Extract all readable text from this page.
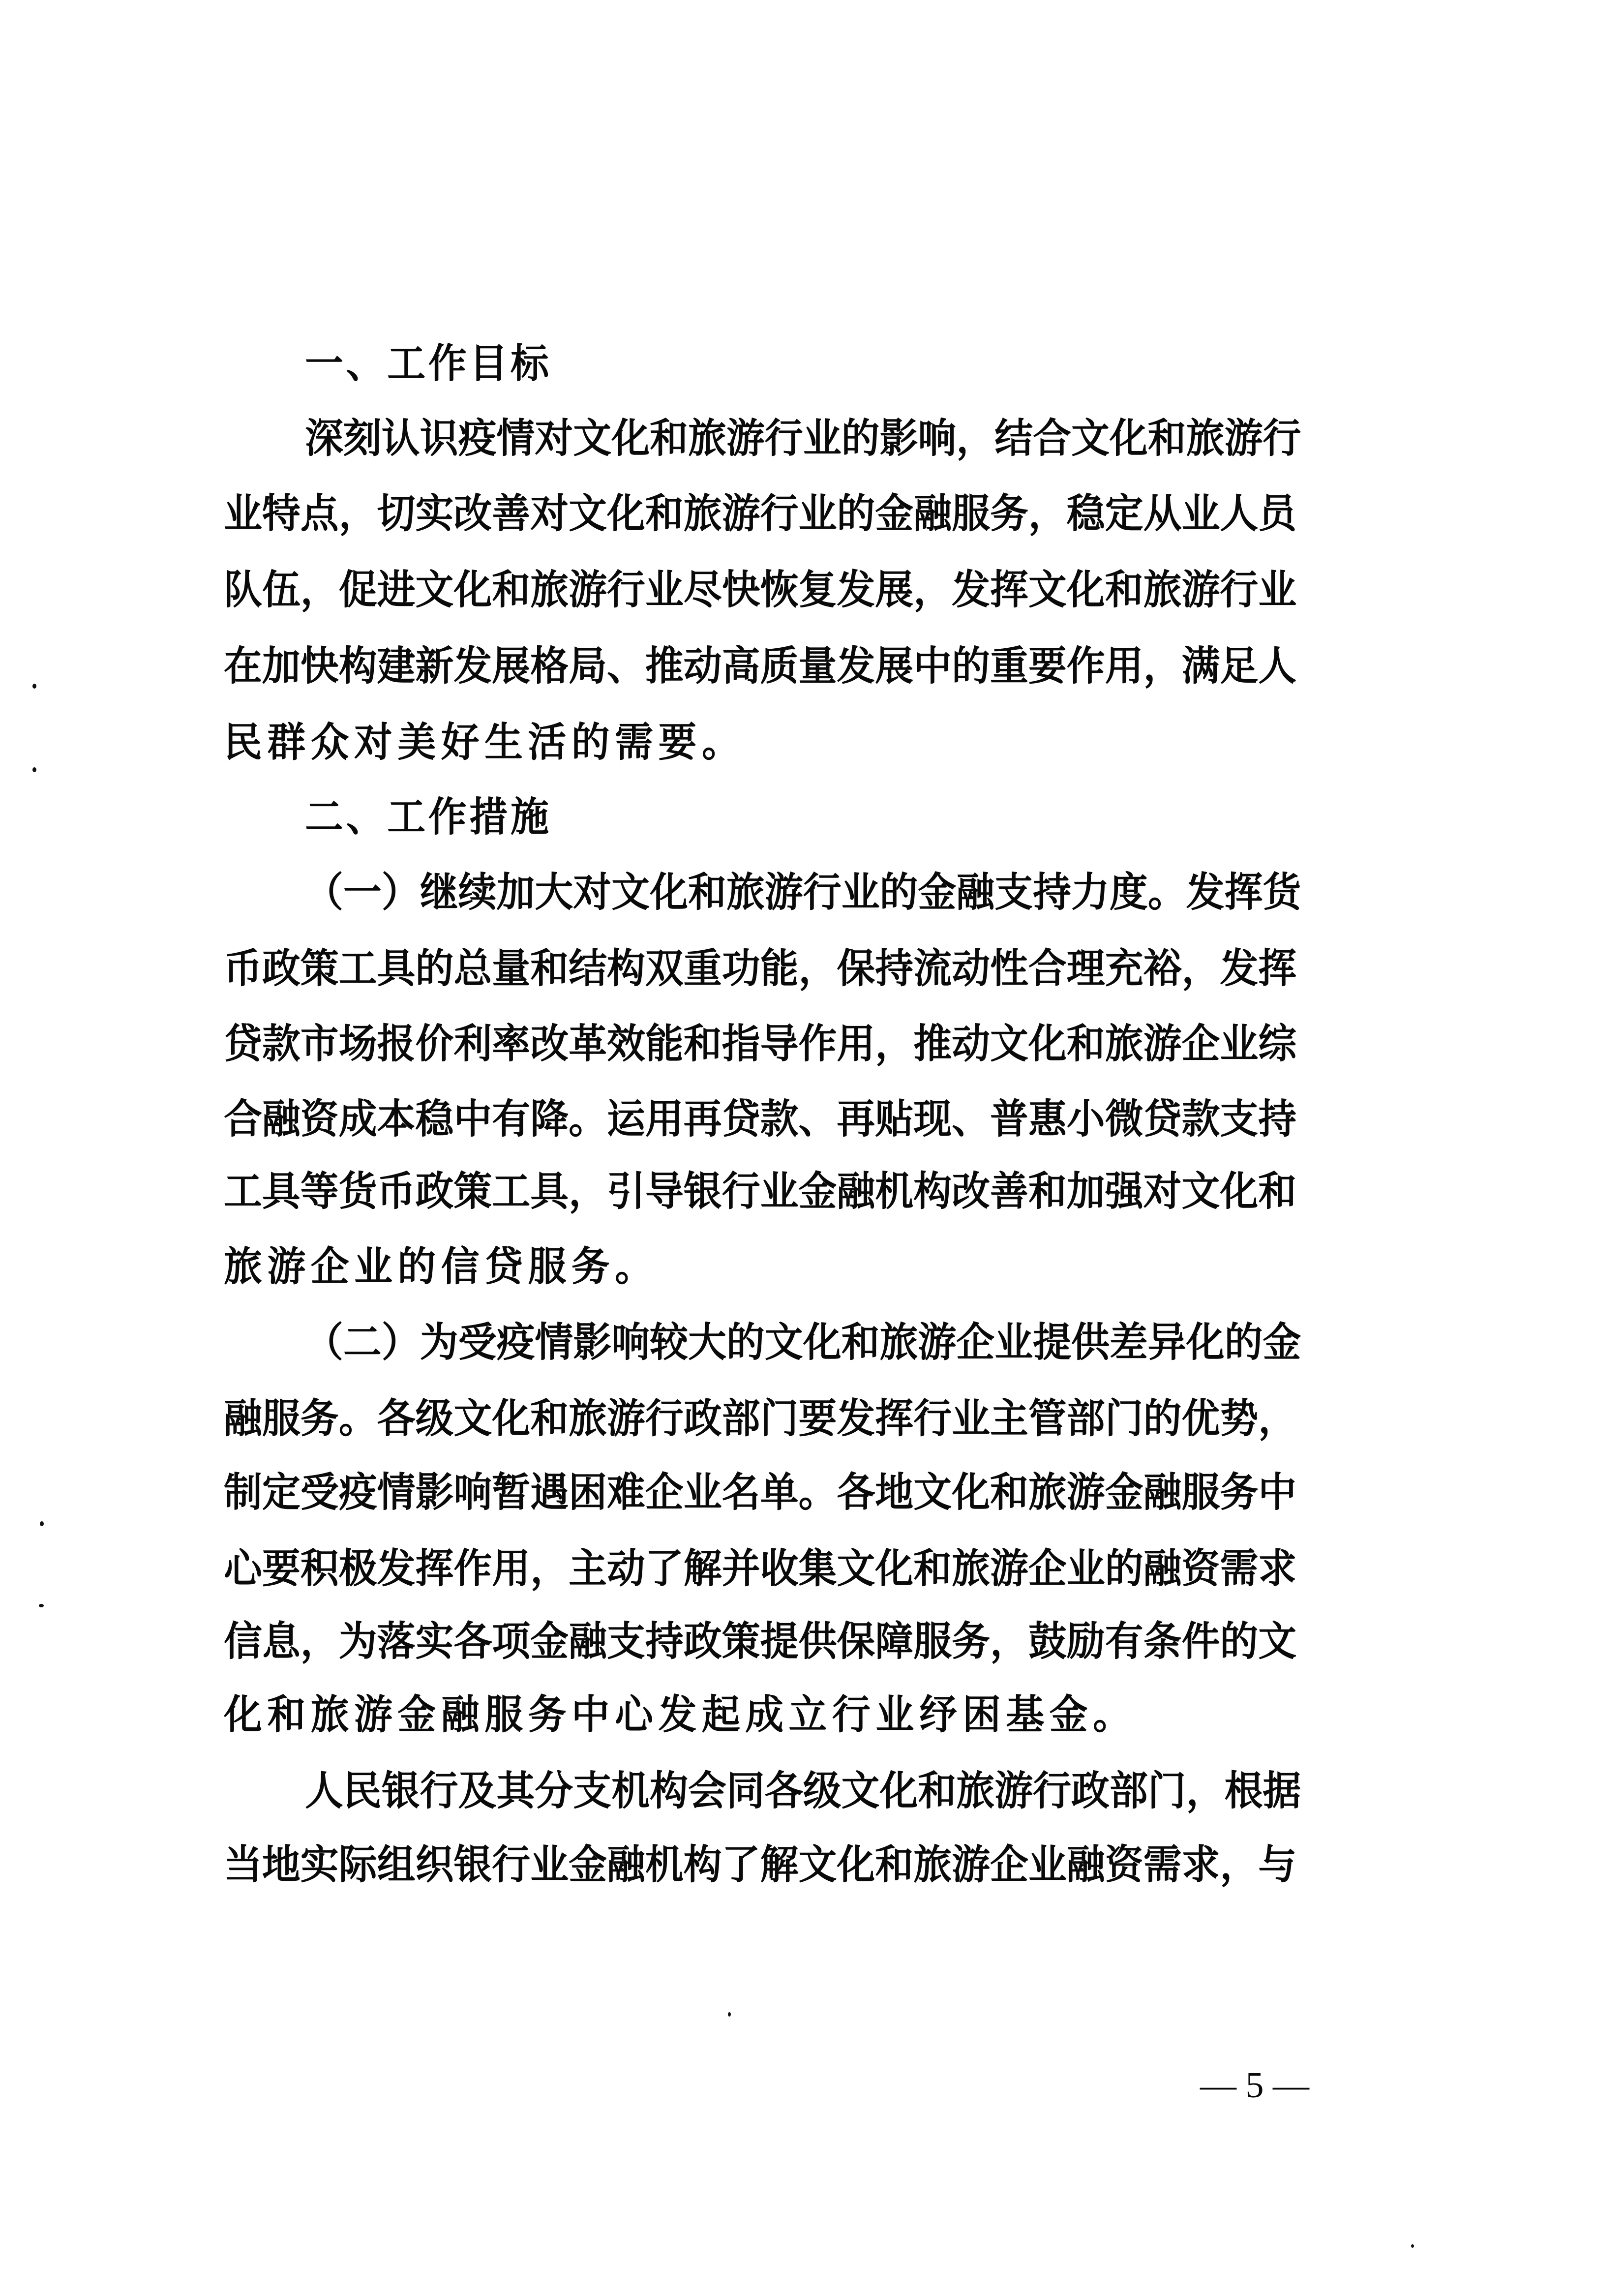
一、工作目标
深刻认识疫情对文化和旅游行业的影响，结合文化和旅游行
业特点，切实改善对文化和旅游行业的金融服务，稳定从业人员
队伍，促进文化和旅游行业尽快恢复发展，发挥文化和旅游行业
在加快构建新发展格局、推动高质量发展中的重要作用，满足人
民群众对美好生活的需要。
二、工作措施
（一）继续加大对文化和旅游行业的金融支持力度。发挥货
币政策工具的总量和结构双重功能，保持流动性合理充裕，发挥
贷款市场报价利率改革效能和指导作用，推动文化和旅游企业综
合融资成本稳中有降。运用再贷款、再贴现、普惠小微贷款支持
工具等货币政策工具，引导银行业金融机构改善和加强对文化和
旅游企业的信贷服务。
（二）为受疫情影响较大的文化和旅游企业提供差异化的金
融服务。各级文化和旅游行政部门要发挥行业主管部门的优势，
制定受疫情影响暂遇困难企业名单。各地文化和旅游金融服务中
心要积极发挥作用，主动了解并收集文化和旅游企业的融资需求
信息，为落实各项金融支持政策提供保障服务，鼓励有条件的文
化和旅游金融服务中心发起成立行业纾困基金。
人民银行及其分支机构会同各级文化和旅游行政部门，根据
当地实际组织银行业金融机构了解文化和旅游企业融资需求，与
— 5 —
